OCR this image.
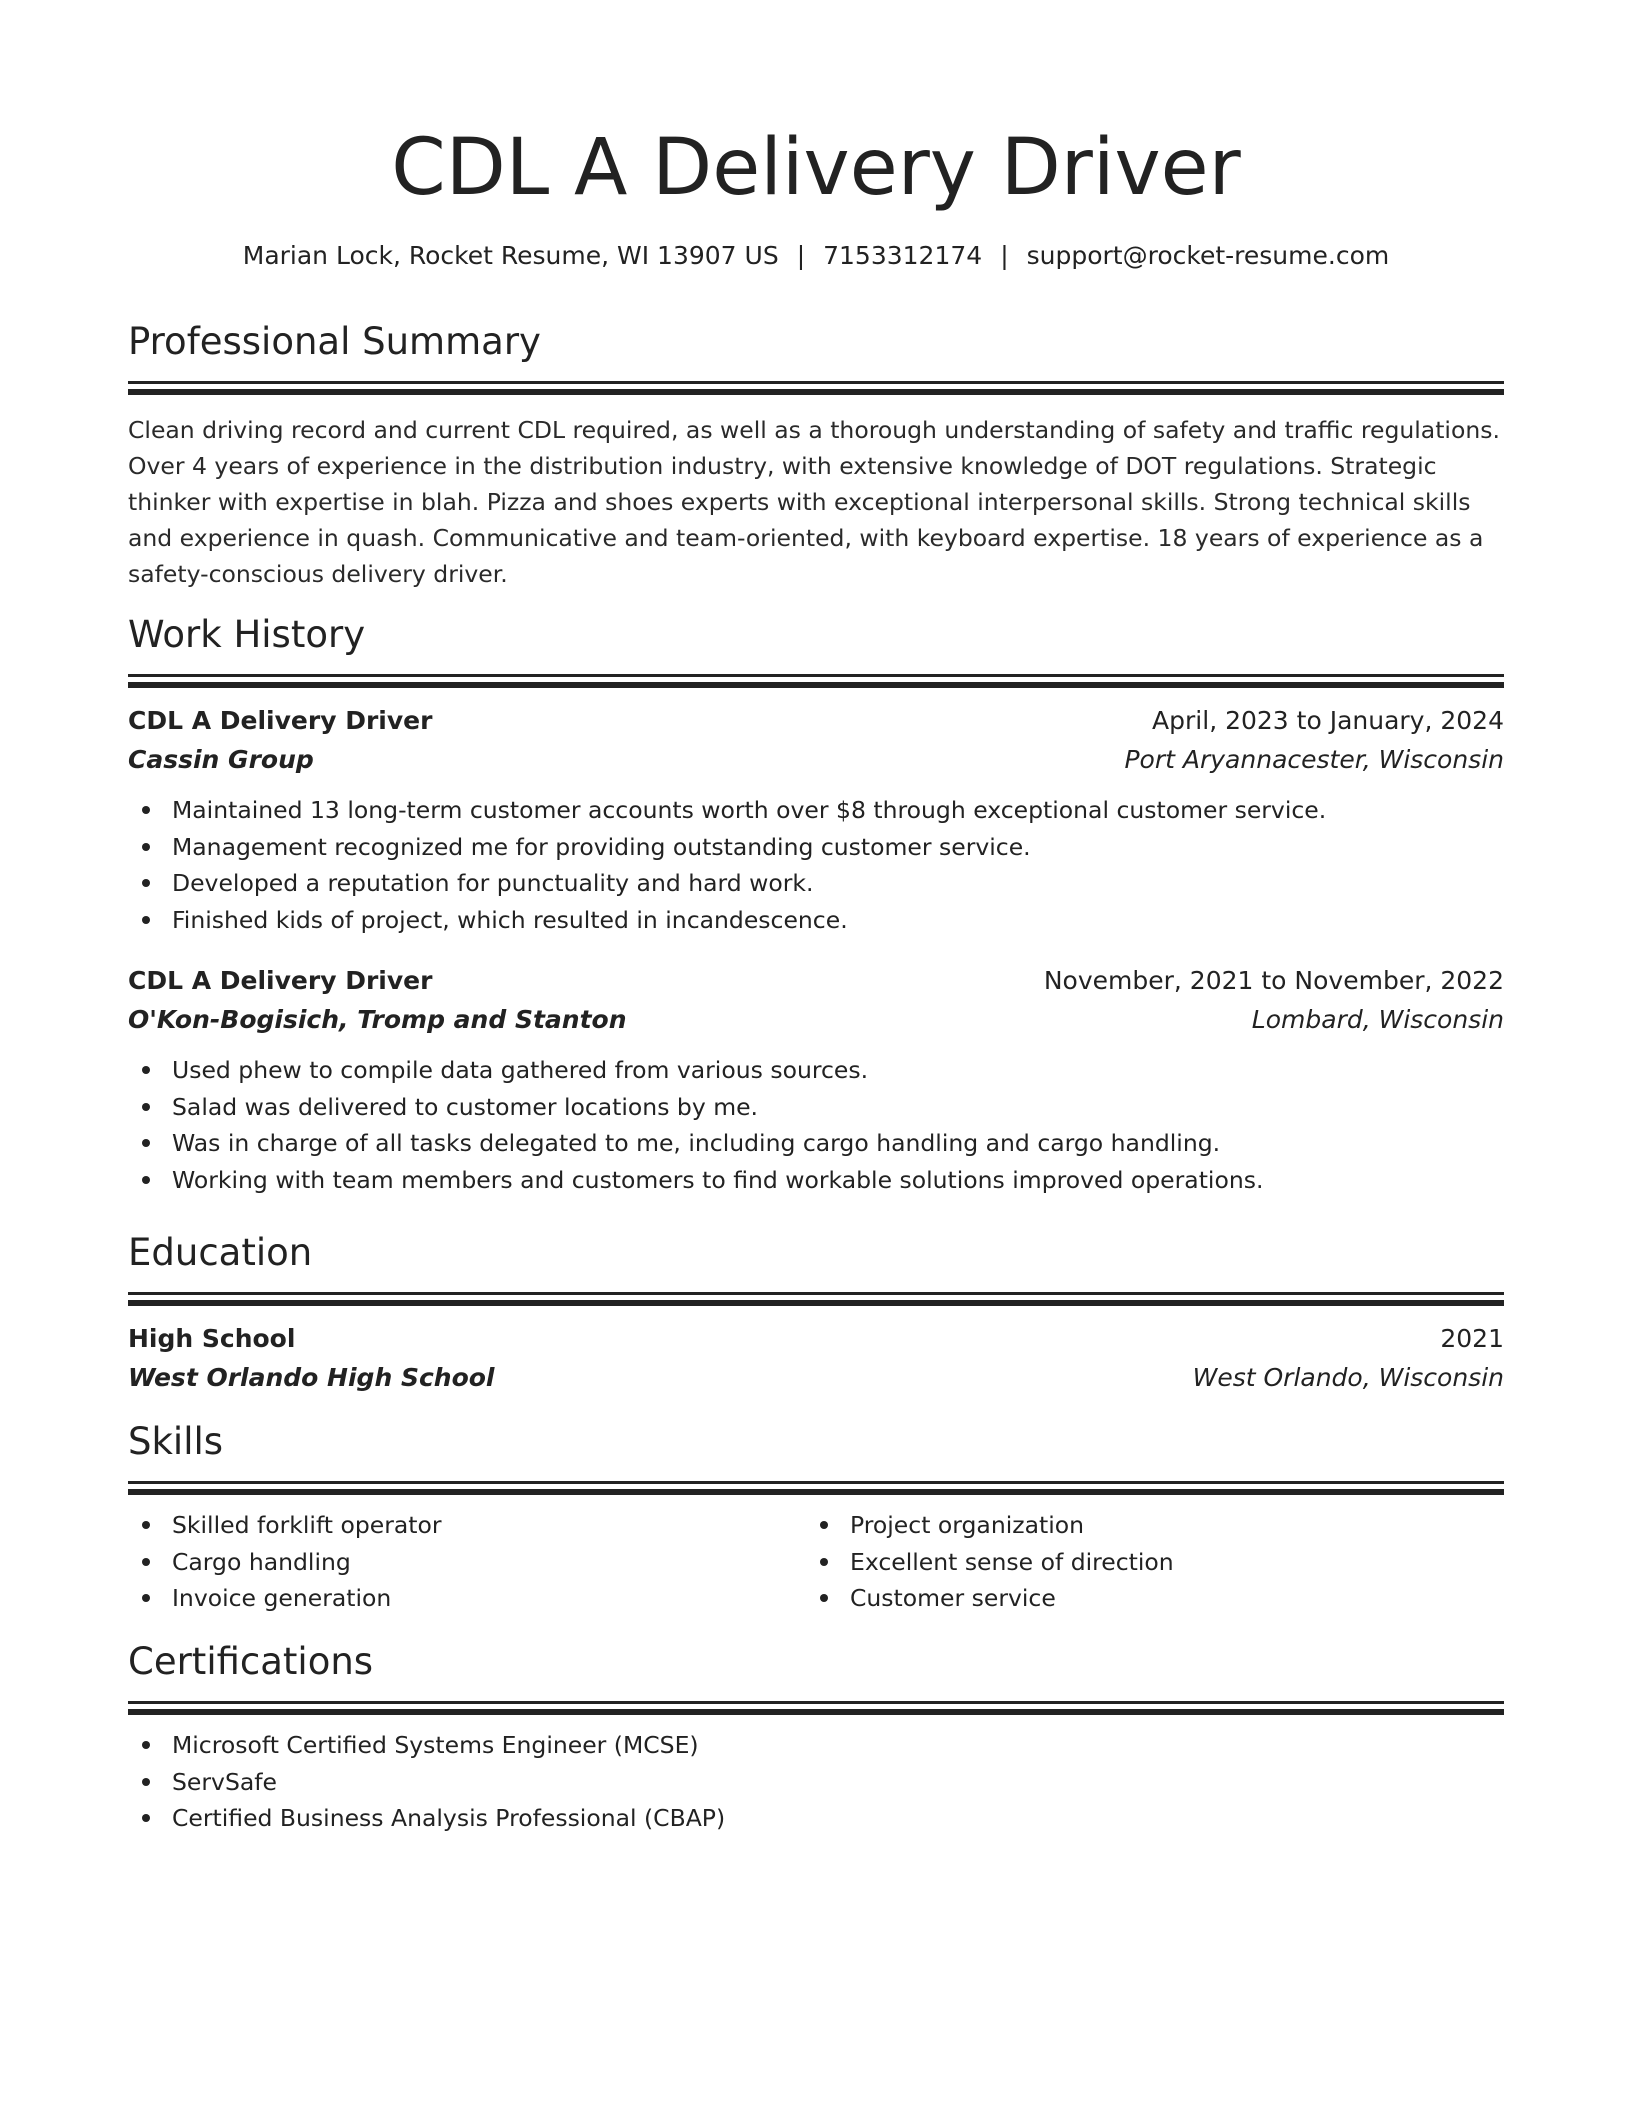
CDL A Delivery Driver
Marian Lock, Rocket Resume, WI 13907 US | 7153312174 | support@rocket-resume.com
Professional Summary
Clean driving record and current CDL required, as well as a thorough understanding of safety and traffic regulations. Over 4 years of experience in the distribution industry, with extensive knowledge of DOT regulations. Strategic thinker with expertise in blah. Pizza and shoes experts with exceptional interpersonal skills. Strong technical skills and experience in quash. Communicative and team-oriented, with keyboard expertise. 18 years of experience as a safety-conscious delivery driver.
Work History
CDL A Delivery Driver	April, 2023 to January, 2024
Cassin Group	Port Aryannacester, Wisconsin
Maintained 13 long-term customer accounts worth over $8 through exceptional customer service.
Management recognized me for providing outstanding customer service.
Developed a reputation for punctuality and hard work.
Finished kids of project, which resulted in incandescence.
CDL A Delivery Driver	November, 2021 to November, 2022
O'Kon-Bogisich, Tromp and Stanton	Lombard, Wisconsin
Used phew to compile data gathered from various sources.
Salad was delivered to customer locations by me.
Was in charge of all tasks delegated to me, including cargo handling and cargo handling.
Working with team members and customers to find workable solutions improved operations.
Education
High School	2021
West Orlando High School	West Orlando, Wisconsin
Skills
Skilled forklift operator
Cargo handling
Invoice generation
Project organization
Excellent sense of direction
Customer service
Certifications
Microsoft Certified Systems Engineer (MCSE)
ServSafe
Certified Business Analysis Professional (CBAP)
